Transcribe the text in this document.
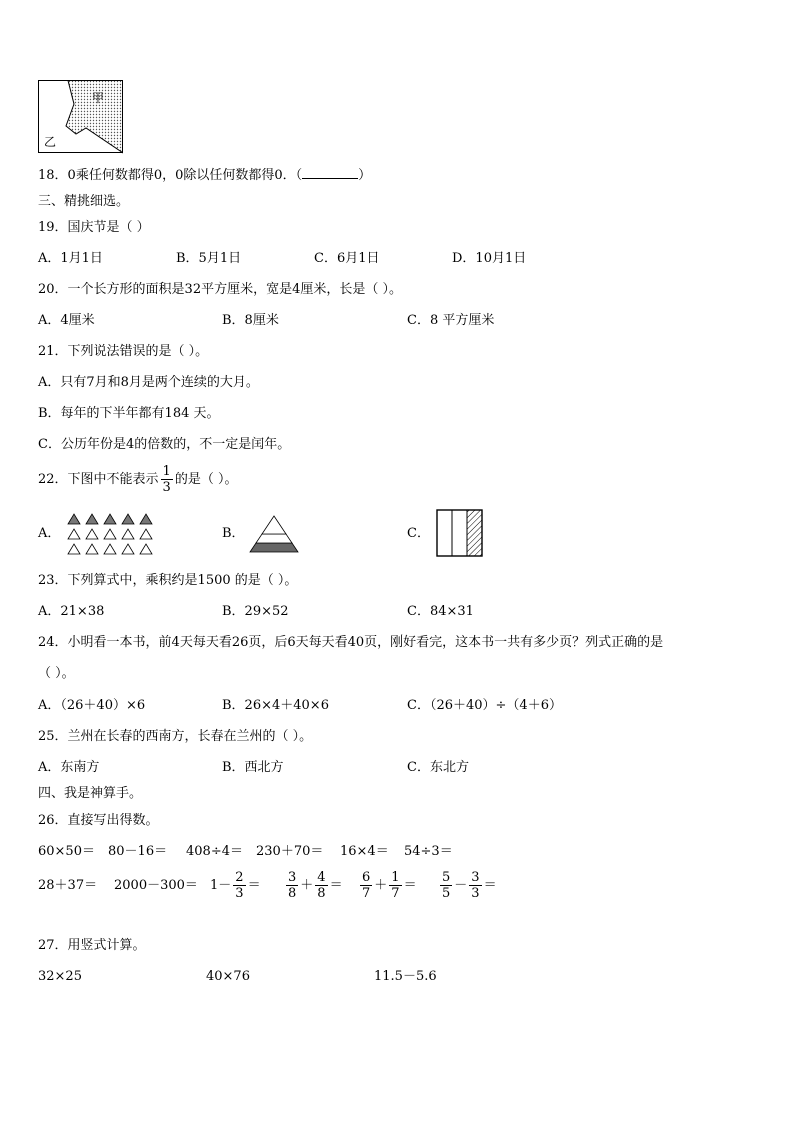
甲
乙
18．0乘任何数都得0，0除以任何数都得0．（	）
三、精挑细选。
19．国庆节是（ ）
A．1月1日	B．5月1日	C．6月1日	D．10月1日
20．一个长方形的面积是32平方厘米，宽是4厘米，长是（ ）。
A．4厘米	B．8厘米	C．8 平方厘米
21．下列说法错误的是（ ）。
A．只有7月和8月是两个连续的大月。
B．每年的下半年都有184 天。
C．公历年份是4的倍数的，不一定是闰年。
22．下图中不能表示 $\frac{1}{3}$ 的是（ ）。
A．	B．	C．
23．下列算式中，乘积约是1500 的是（ ）。
A．21×38	B．29×52	C．84×31
24．小明看一本书，前4天每天看26页，后6天每天看40页，刚好看完，这本书一共有多少页？列式正确的是
（ ）。
A．（26＋40）×6	B．26×4＋40×6	C．（26＋40）÷（4＋6）
25．兰州在长春的西南方，长春在兰州的（ ）。
A．东南方	B．西北方	C．东北方
四、我是神算手。
26．直接写出得数。
60×50＝ 80－16＝ 408÷4＝ 230＋70＝ 16×4＝ 54÷3＝
$28+37= 2000-300= 1- \frac{2}{3} = \frac{3}{8} + \frac{4}{8} = \frac{6}{7} + \frac{1}{7} = \frac{5}{5} - \frac{3}{3}$ ＝
27．用竖式计算。
32×25	40×76	11.5－5.6
